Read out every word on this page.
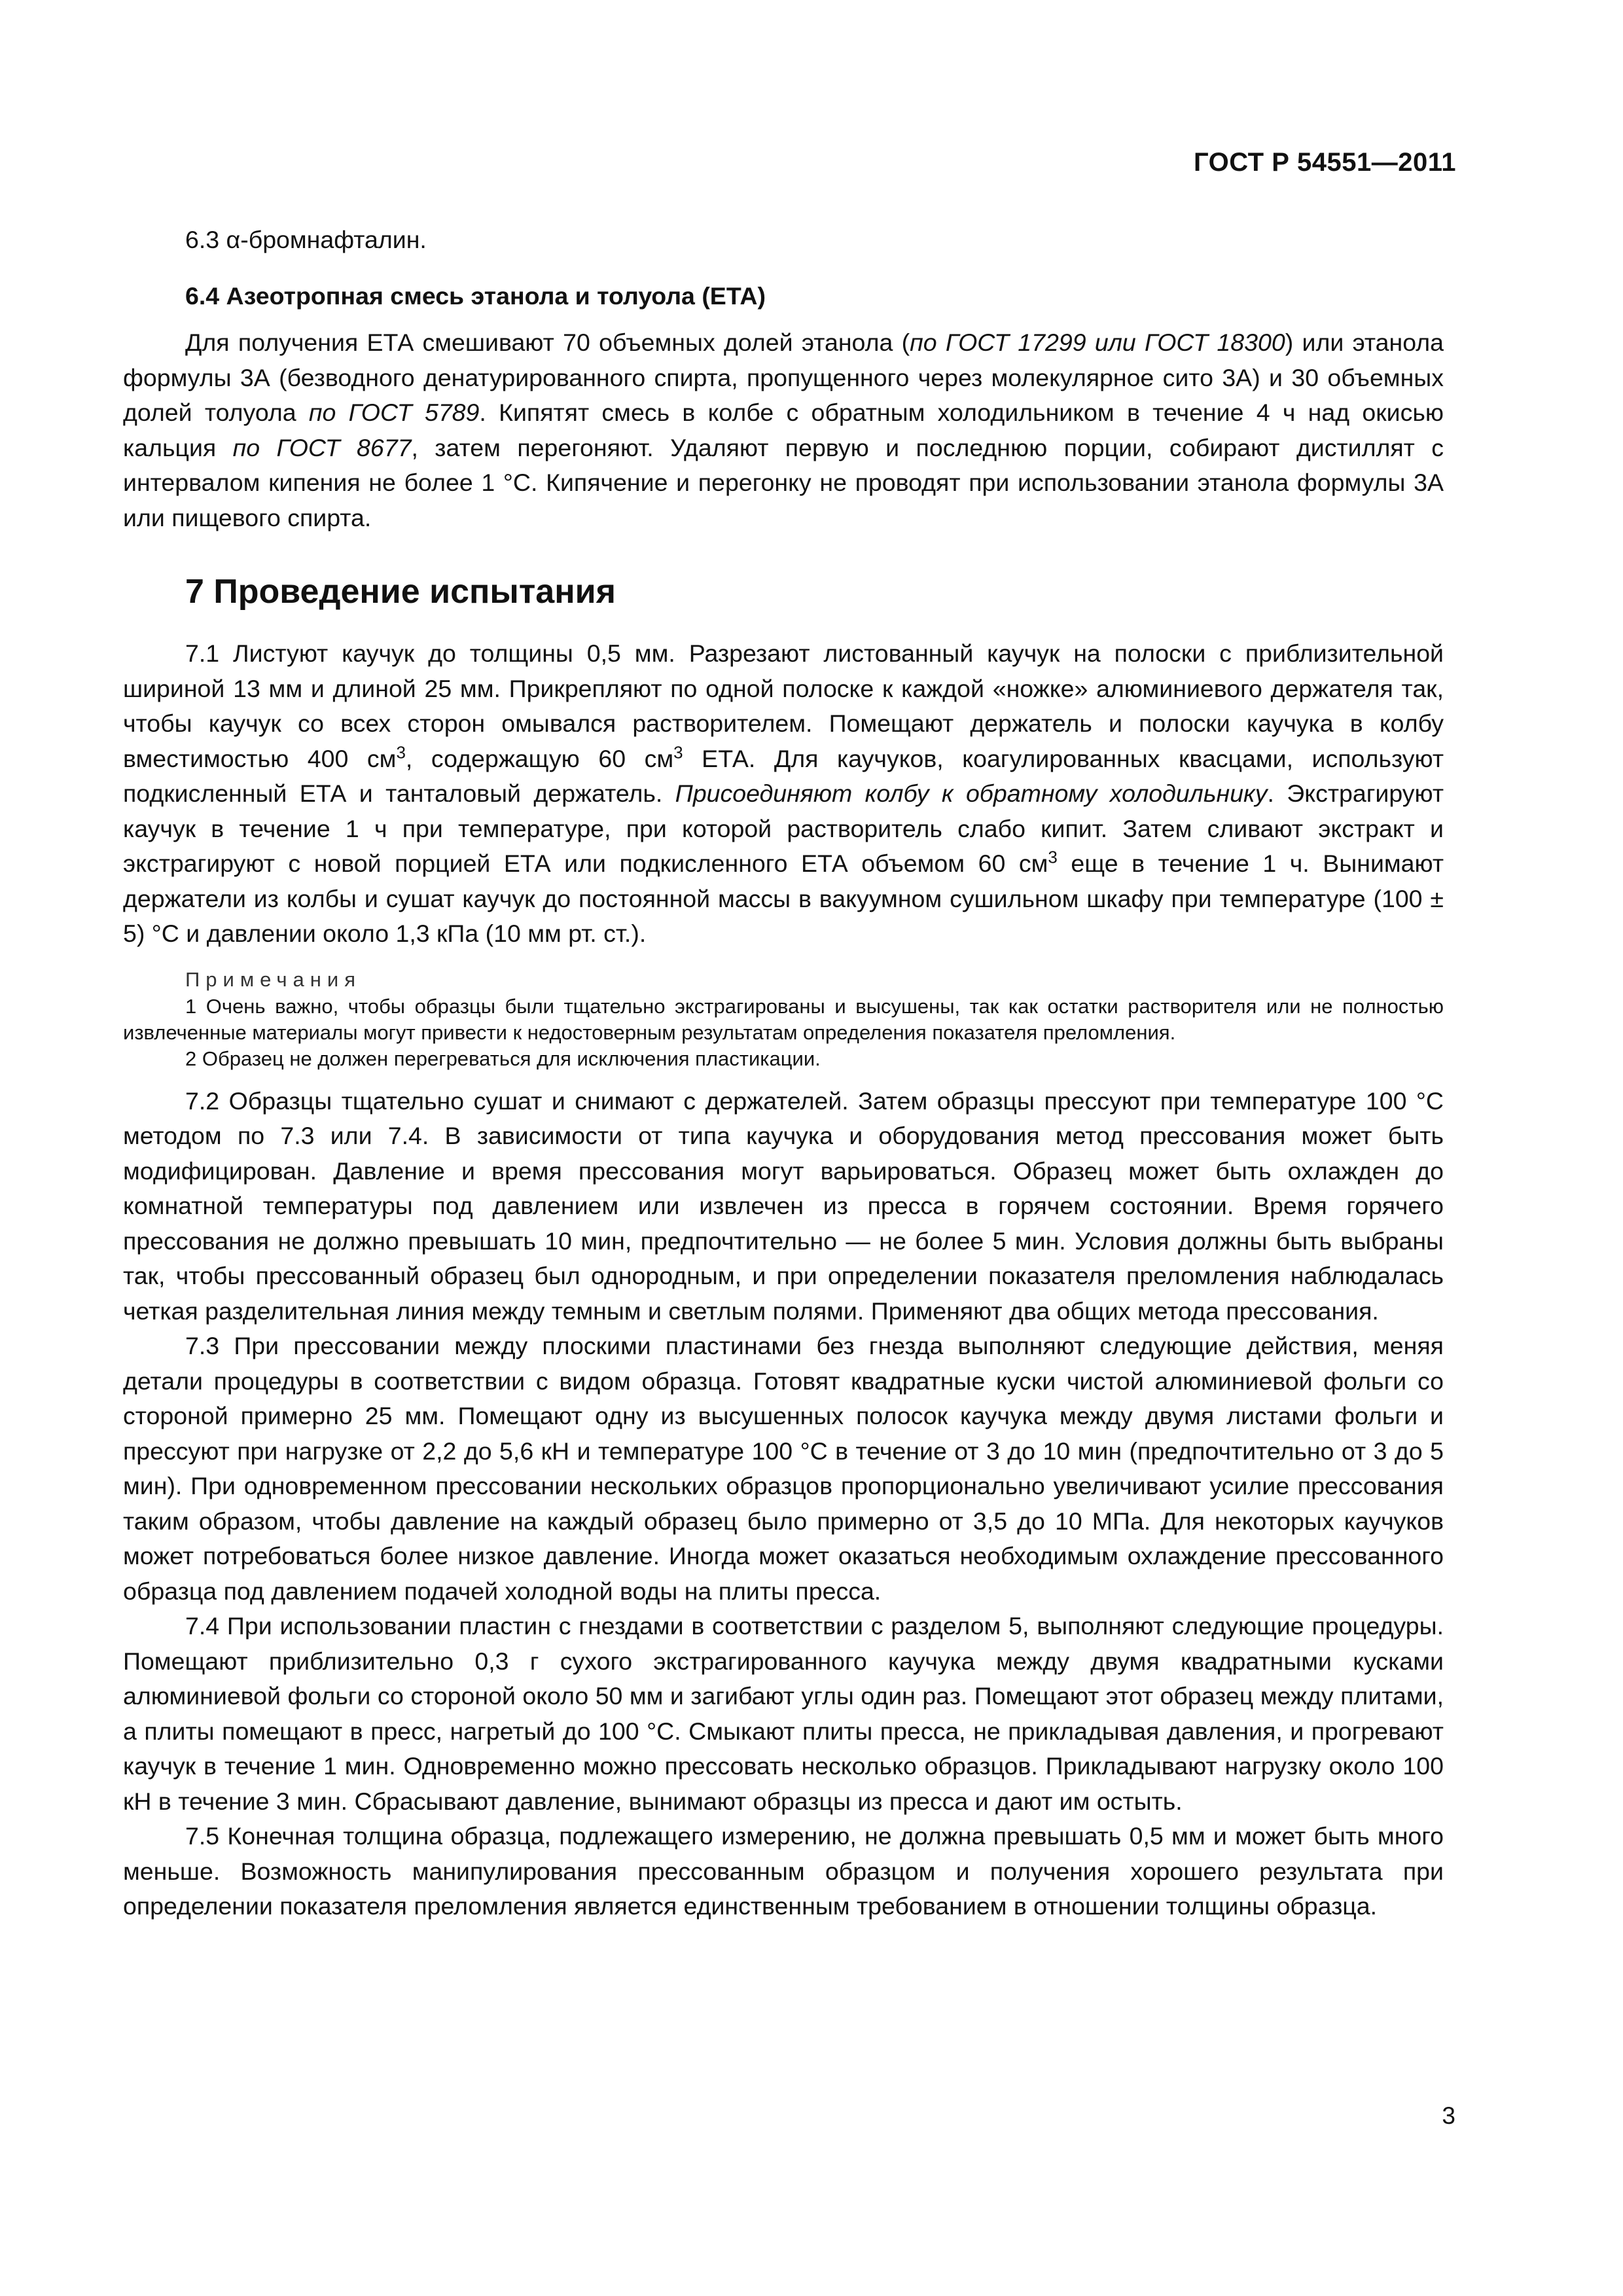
ГОСТ Р 54551—2011

6.3 α-бромнафталин.

6.4 Азеотропная смесь этанола и толуола (ЕТА)

Для получения ЕТА смешивают 70 объемных долей этанола (по ГОСТ 17299 или ГОСТ 18300) или этанола формулы 3А (безводного денатурированного спирта, пропущенного через молекулярное сито 3А) и 30 объемных долей толуола по ГОСТ 5789. Кипятят смесь в колбе с обратным холодильником в течение 4 ч над окисью кальция по ГОСТ 8677, затем перегоняют. Удаляют первую и последнюю порции, собирают дистиллят с интервалом кипения не более 1 °С. Кипячение и перегонку не проводят при использовании этанола формулы 3А или пищевого спирта.

7 Проведение испытания

7.1 Листуют каучук до толщины 0,5 мм. Разрезают листованный каучук на полоски с приблизительной шириной 13 мм и длиной 25 мм. Прикрепляют по одной полоске к каждой «ножке» алюминиевого держателя так, чтобы каучук со всех сторон омывался растворителем. Помещают держатель и полоски каучука в колбу вместимостью 400 $см^3$, содержащую 60 $см^3$ ЕТА. Для каучуков, коагулированных квасцами, используют подкисленный ЕТА и танталовый держатель. Присоединяют колбу к обратному холодильнику. Экстрагируют каучук в течение 1 ч при температуре, при которой растворитель слабо кипит. Затем сливают экстракт и экстрагируют с новой порцией ЕТА или подкисленного ЕТА объемом 60 $см^3$ еще в течение 1 ч. Вынимают держатели из колбы и сушат каучук до постоянной массы в вакуумном сушильном шкафу при температуре (100 ± 5) °С и давлении около 1,3 кПа (10 мм рт. ст.).

Примечания

1 Очень важно, чтобы образцы были тщательно экстрагированы и высушены, так как остатки растворителя или не полностью извлеченные материалы могут привести к недостоверным результатам определения показателя преломления.

2 Образец не должен перегреваться для исключения пластикации.

7.2 Образцы тщательно сушат и снимают с держателей. Затем образцы прессуют при температуре 100 °С методом по 7.3 или 7.4. В зависимости от типа каучука и оборудования метод прессования может быть модифицирован. Давление и время прессования могут варьироваться. Образец может быть охлажден до комнатной температуры под давлением или извлечен из пресса в горячем состоянии. Время горячего прессования не должно превышать 10 мин, предпочтительно — не более 5 мин. Условия должны быть выбраны так, чтобы прессованный образец был однородным, и при определении показателя преломления наблюдалась четкая разделительная линия между темным и светлым полями. Применяют два общих метода прессования.

7.3 При прессовании между плоскими пластинами без гнезда выполняют следующие действия, меняя детали процедуры в соответствии с видом образца. Готовят квадратные куски чистой алюминиевой фольги со стороной примерно 25 мм. Помещают одну из высушенных полосок каучука между двумя листами фольги и прессуют при нагрузке от 2,2 до 5,6 кН и температуре 100 °С в течение от 3 до 10 мин (предпочтительно от 3 до 5 мин). При одновременном прессовании нескольких образцов пропорционально увеличивают усилие прессования таким образом, чтобы давление на каждый образец было примерно от 3,5 до 10 МПа. Для некоторых каучуков может потребоваться более низкое давление. Иногда может оказаться необходимым охлаждение прессованного образца под давлением подачей холодной воды на плиты пресса.

7.4 При использовании пластин с гнездами в соответствии с разделом 5, выполняют следующие процедуры. Помещают приблизительно 0,3 г сухого экстрагированного каучука между двумя квадратными кусками алюминиевой фольги со стороной около 50 мм и загибают углы один раз. Помещают этот образец между плитами, а плиты помещают в пресс, нагретый до 100 °С. Смыкают плиты пресса, не прикладывая давления, и прогревают каучук в течение 1 мин. Одновременно можно прессовать несколько образцов. Прикладывают нагрузку около 100 кН в течение 3 мин. Сбрасывают давление, вынимают образцы из пресса и дают им остыть.

7.5 Конечная толщина образца, подлежащего измерению, не должна превышать 0,5 мм и может быть много меньше. Возможность манипулирования прессованным образцом и получения хорошего результата при определении показателя преломления является единственным требованием в отношении толщины образца.

3
